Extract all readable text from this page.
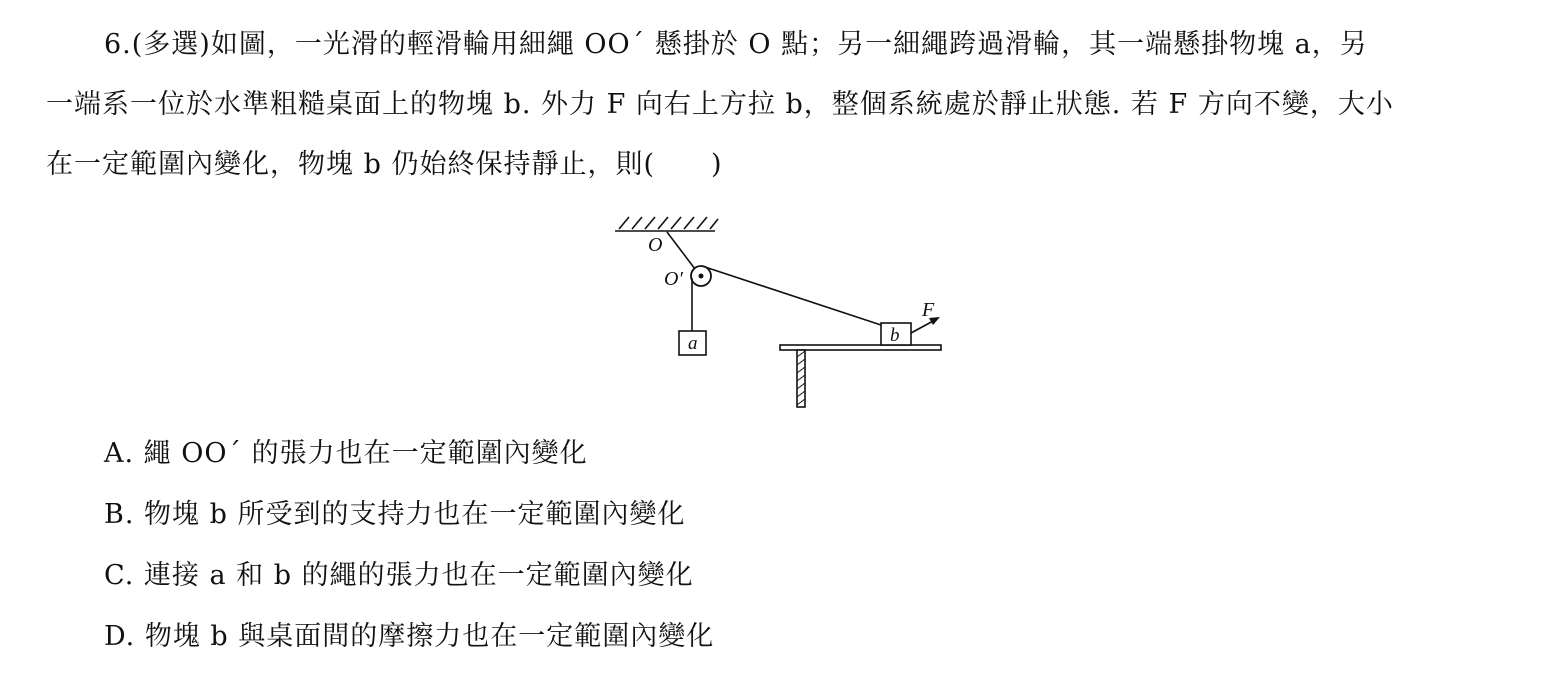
6.(多選)如圖，一光滑的輕滑輪用細繩 OO´ 懸掛於 O 點；另一細繩跨過滑輪，其一端懸掛物塊 a，另
一端系一位於水準粗糙桌面上的物塊 b. 外力 F 向右上方拉 b，整個系統處於靜止狀態. 若 F 方向不變，大小
在一定範圍內變化，物塊 b 仍始終保持靜止，則(　　)
O
O′
a	b
F
A. 繩 OO´ 的張力也在一定範圍內變化
B. 物塊 b 所受到的支持力也在一定範圍內變化
C. 連接 a 和 b 的繩的張力也在一定範圍內變化
D. 物塊 b 與桌面間的摩擦力也在一定範圍內變化
